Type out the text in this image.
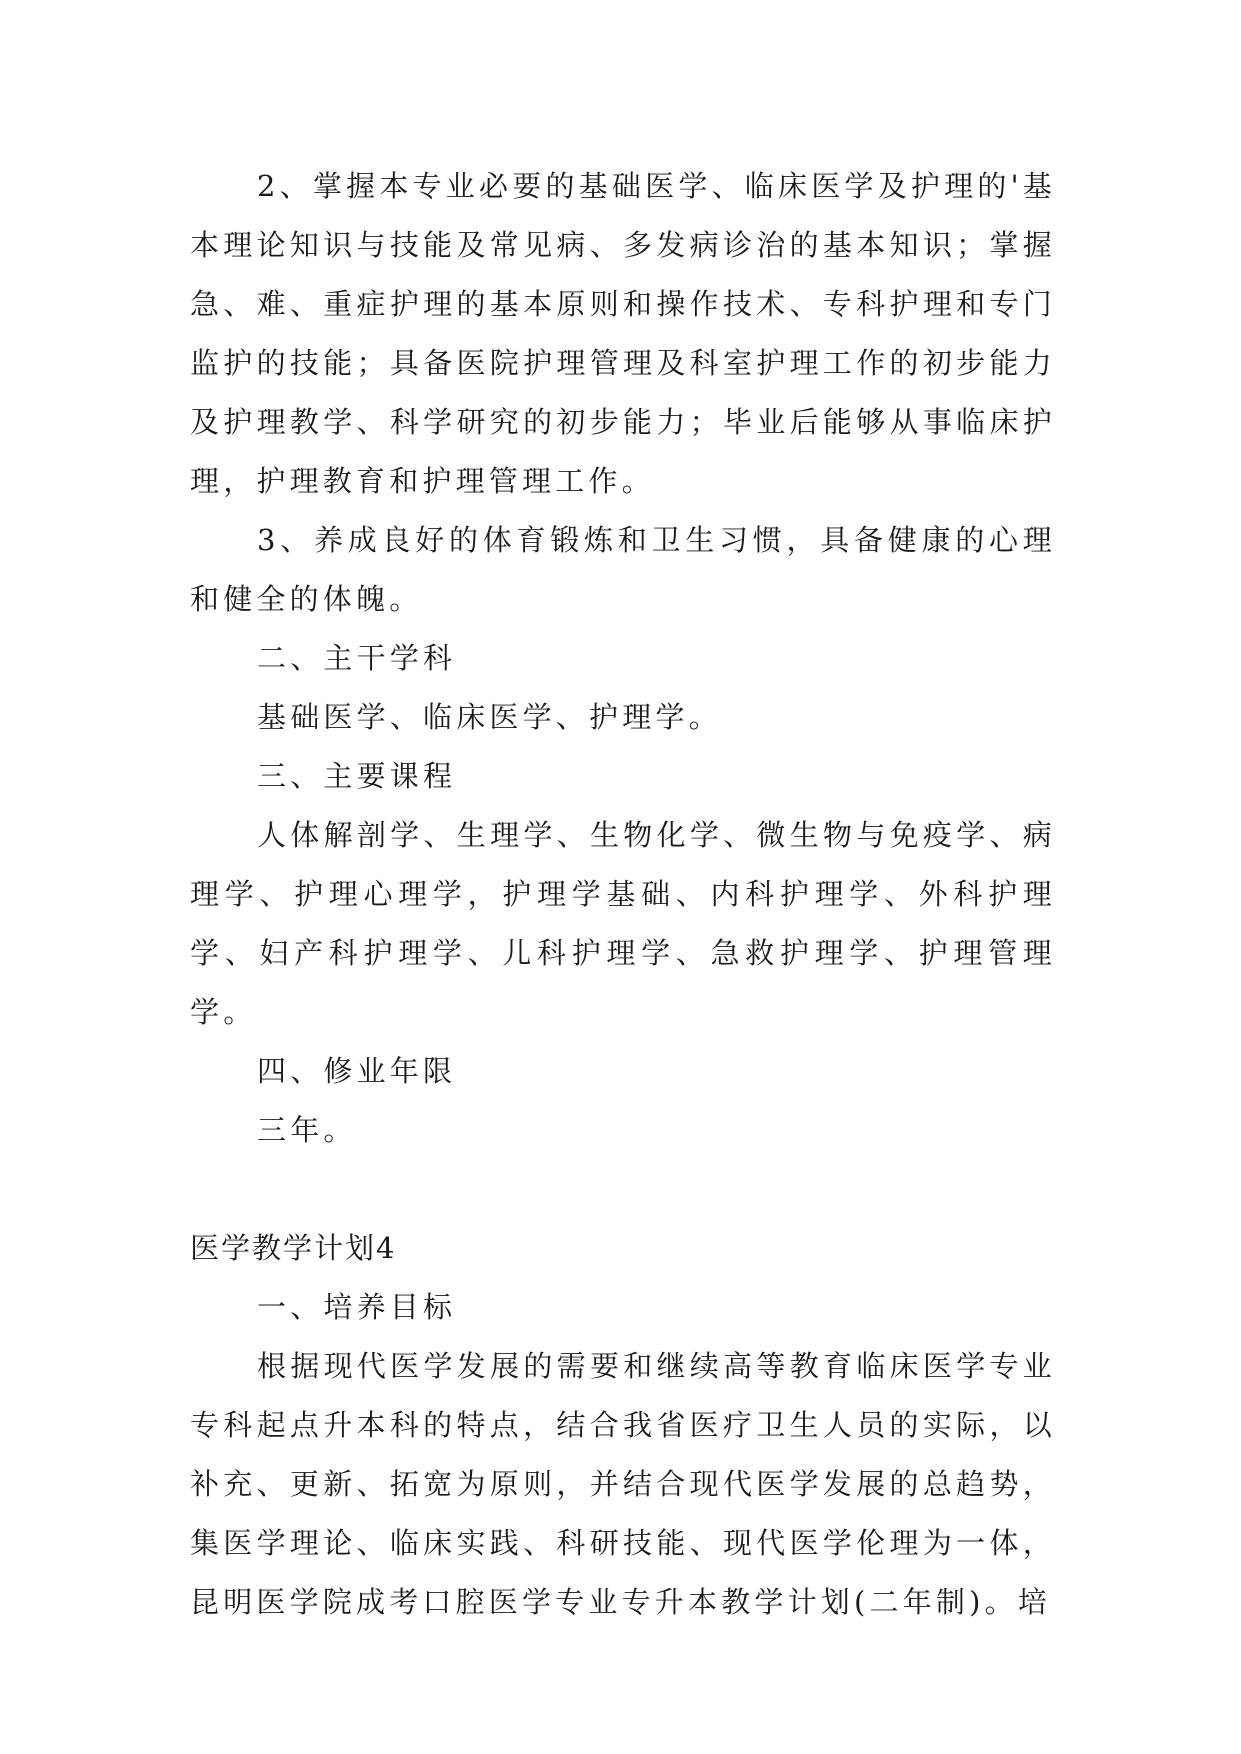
2、掌握本专业必要的基础医学、临床医学及护理的'基本理论知识与技能及常见病、多发病诊治的基本知识；掌握急、难、重症护理的基本原则和操作技术、专科护理和专门监护的技能；具备医院护理管理及科室护理工作的初步能力及护理教学、科学研究的初步能力；毕业后能够从事临床护理，护理教育和护理管理工作。

3、养成良好的体育锻炼和卫生习惯，具备健康的心理和健全的体魄。

二、主干学科

基础医学、临床医学、护理学。

三、主要课程

人体解剖学、生理学、生物化学、微生物与免疫学、病理学、护理心理学，护理学基础、内科护理学、外科护理学、妇产科护理学、儿科护理学、急救护理学、护理管理学。

四、修业年限

三年。

医学教学计划4

一、培养目标

根据现代医学发展的需要和继续高等教育临床医学专业专科起点升本科的特点，结合我省医疗卫生人员的实际，以补充、更新、拓宽为原则，并结合现代医学发展的总趋势，集医学理论、临床实践、科研技能、现代医学伦理为一体，昆明医学院成考口腔医学专业专升本教学计划(二年制)。培
